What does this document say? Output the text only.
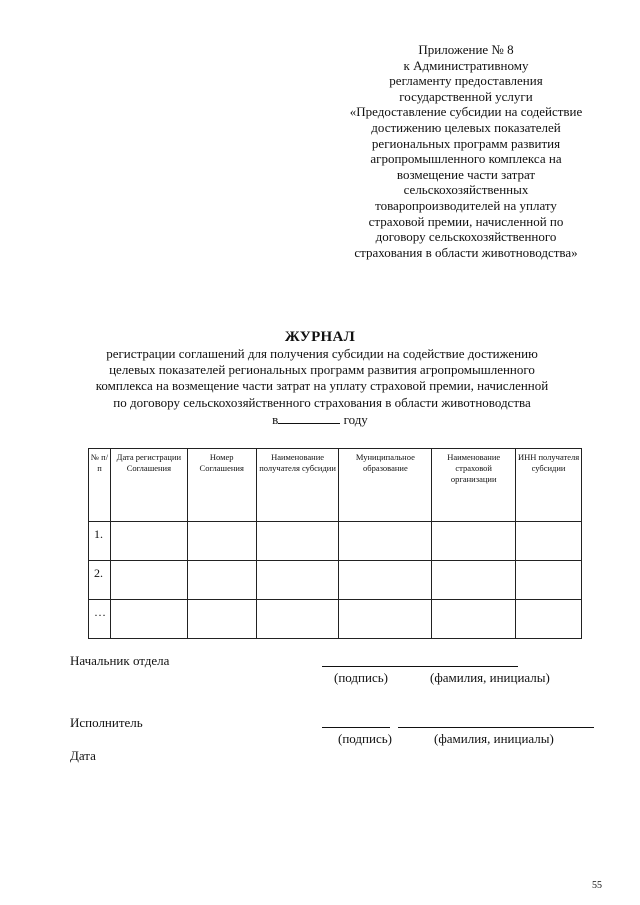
Приложение № 8
к Административному
регламенту предоставления
государственной услуги
«Предоставление субсидии на содействие
достижению целевых показателей
региональных программ развития
агропромышленного комплекса на
возмещение части затрат
сельскохозяйственных
товаропроизводителей на уплату
страховой премии, начисленной по
договору сельскохозяйственного
страхования в области животноводства»
ЖУРНАЛ
регистрации соглашений для получения субсидии на содействие достижению
целевых показателей региональных программ развития агропромышленного
комплекса на возмещение части затрат на уплату страховой премии, начисленной
по договору сельскохозяйственного страхования в области животноводства
в	году
№ п/п	Дата регистрации Соглашения	Номер Соглашения	Наименование получателя субсидии	Муниципальное образование	Наименование страховой организации	ИНН получателя субсидии
1.						
2.						
…						
Начальник отдела
(подпись)	(фамилия, инициалы)
Исполнитель
(подпись)	(фамилия, инициалы)
Дата
55
